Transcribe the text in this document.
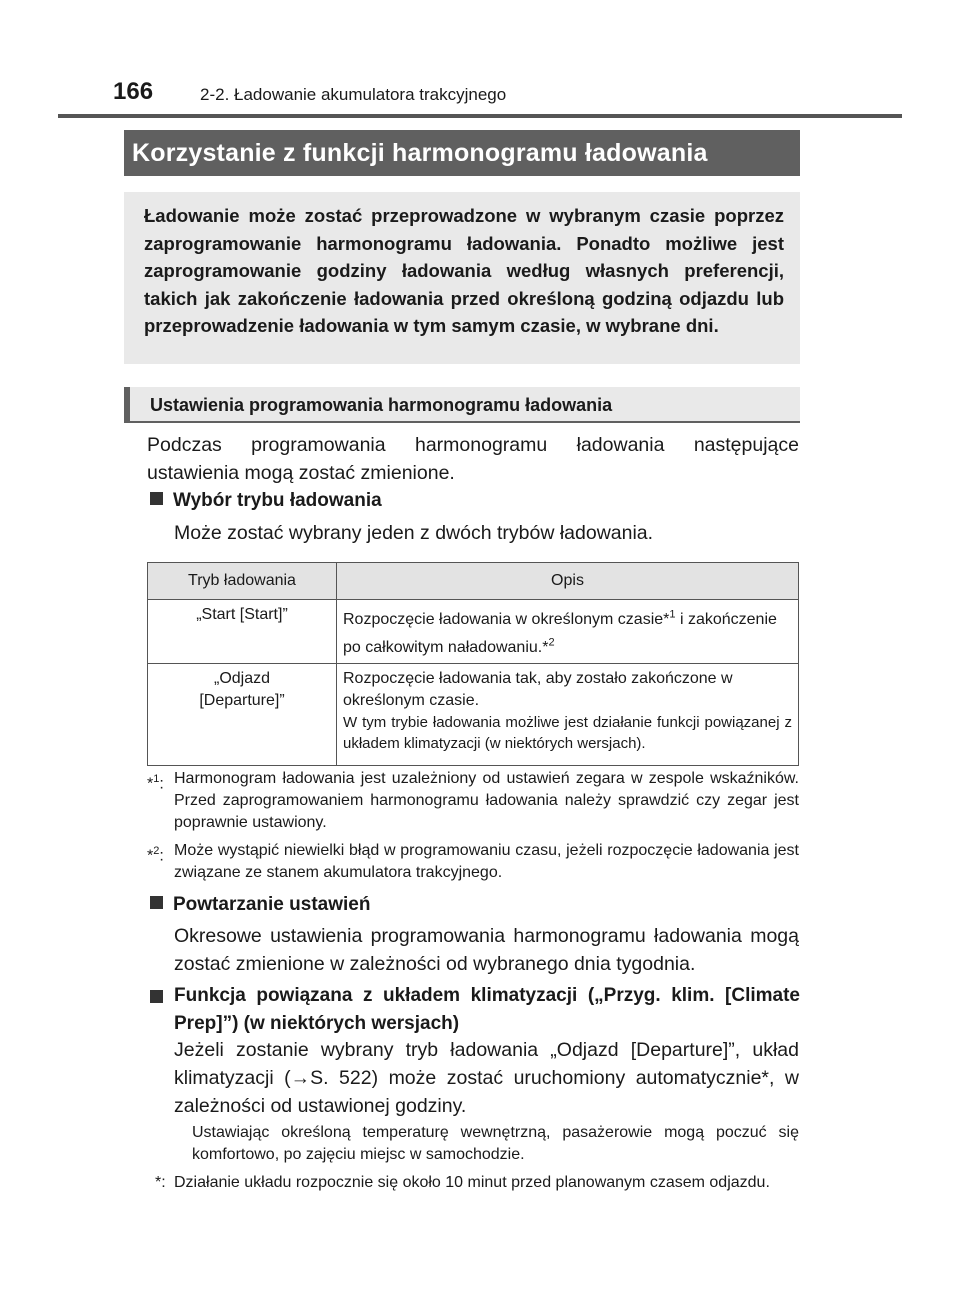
166	2-2. Ładowanie akumulatora trakcyjnego
Korzystanie z funkcji harmonogramu ładowania
Ładowanie może zostać przeprowadzone w wybranym czasie poprzez zaprogramowanie harmonogramu ładowania. Ponadto możliwe jest zaprogramowanie godziny ładowania według własnych preferencji, takich jak zakończenie ładowania przed określoną godziną odjazdu lub przeprowadzenie ładowania w tym samym czasie, w wybrane dni.
Ustawienia programowania harmonogramu ładowania
Podczas programowania harmonogramu ładowania następujące ustawienia mogą zostać zmienione.
Wybór trybu ładowania
Może zostać wybrany jeden z dwóch trybów ładowania.
Tryb ładowania	Opis
„Start [Start]”	Rozpoczęcie ładowania w określonym czasie*$^1$ i zakończenie po całkowitym naładowaniu.*$^2$
„Odjazd [Departure]”	Rozpoczęcie ładowania tak, aby zostało zakończone w określonym czasie.
W tym trybie ładowania możliwe jest działanie funkcji powiązanej z układem klimatyzacji (w niektórych wersjach).
*$^1$: Harmonogram ładowania jest uzależniony od ustawień zegara w zespole wskaźników. Przed zaprogramowaniem harmonogramu ładowania należy sprawdzić czy zegar jest poprawnie ustawiony.
*$^2$: Może wystąpić niewielki błąd w programowaniu czasu, jeżeli rozpoczęcie ładowania jest związane ze stanem akumulatora trakcyjnego.
Powtarzanie ustawień
Okresowe ustawienia programowania harmonogramu ładowania mogą zostać zmienione w zależności od wybranego dnia tygodnia.
Funkcja powiązana z układem klimatyzacji („Przyg. klim. [Climate Prep]”) (w niektórych wersjach)
Jeżeli zostanie wybrany tryb ładowania „Odjazd [Departure]”, układ klimatyzacji (→S. 522) może zostać uruchomiony automatycznie*, w zależności od ustawionej godziny.
Ustawiając określoną temperaturę wewnętrzną, pasażerowie mogą poczuć się komfortowo, po zajęciu miejsc w samochodzie.
*: Działanie układu rozpocznie się około 10 minut przed planowanym czasem odjazdu.
